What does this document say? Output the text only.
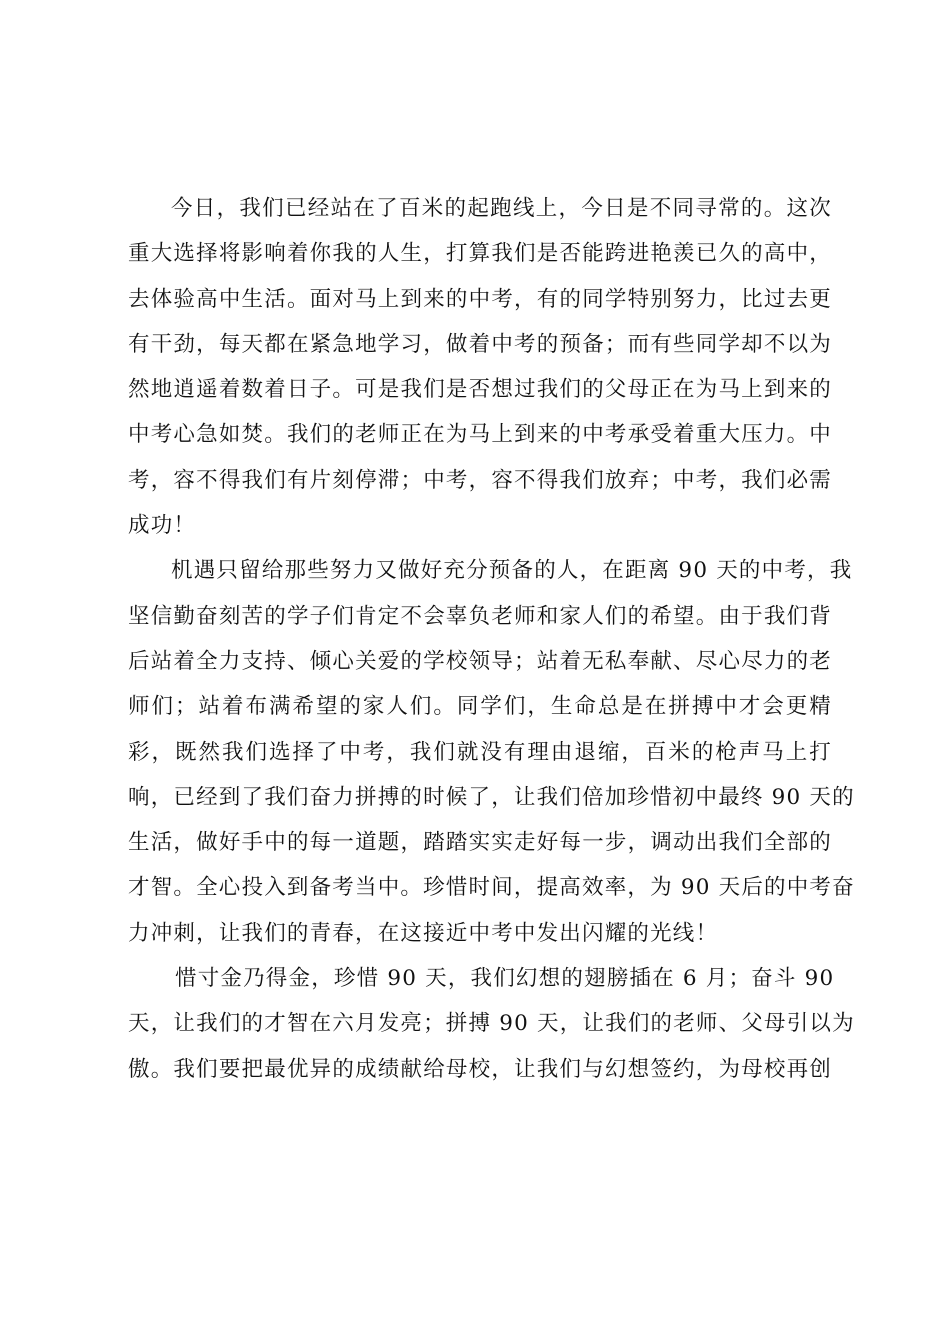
今日，我们已经站在了百米的起跑线上，今日是不同寻常的。这次
重大选择将影响着你我的人生，打算我们是否能跨进艳羡已久的高中，
去体验高中生活。面对马上到来的中考，有的同学特别努力，比过去更
有干劲，每天都在紧急地学习，做着中考的预备；而有些同学却不以为
然地逍遥着数着日子。可是我们是否想过我们的父母正在为马上到来的
中考心急如焚。我们的老师正在为马上到来的中考承受着重大压力。中
考，容不得我们有片刻停滞；中考，容不得我们放弃；中考，我们必需
成功！
机遇只留给那些努力又做好充分预备的人，在距离 90 天的中考，我
坚信勤奋刻苦的学子们肯定不会辜负老师和家人们的希望。由于我们背
后站着全力支持、倾心关爱的学校领导；站着无私奉献、尽心尽力的老
师们；站着布满希望的家人们。同学们，生命总是在拼搏中才会更精
彩，既然我们选择了中考，我们就没有理由退缩，百米的枪声马上打
响，已经到了我们奋力拼搏的时候了，让我们倍加珍惜初中最终 90 天的
生活，做好手中的每一道题，踏踏实实走好每一步，调动出我们全部的
才智。全心投入到备考当中。珍惜时间，提高效率，为 90 天后的中考奋
力冲刺，让我们的青春，在这接近中考中发出闪耀的光线！
惜寸金乃得金，珍惜 90 天，我们幻想的翅膀插在 6 月；奋斗 90
天，让我们的才智在六月发亮；拼搏 90 天，让我们的老师、父母引以为
傲。我们要把最优异的成绩献给母校，让我们与幻想签约，为母校再创
